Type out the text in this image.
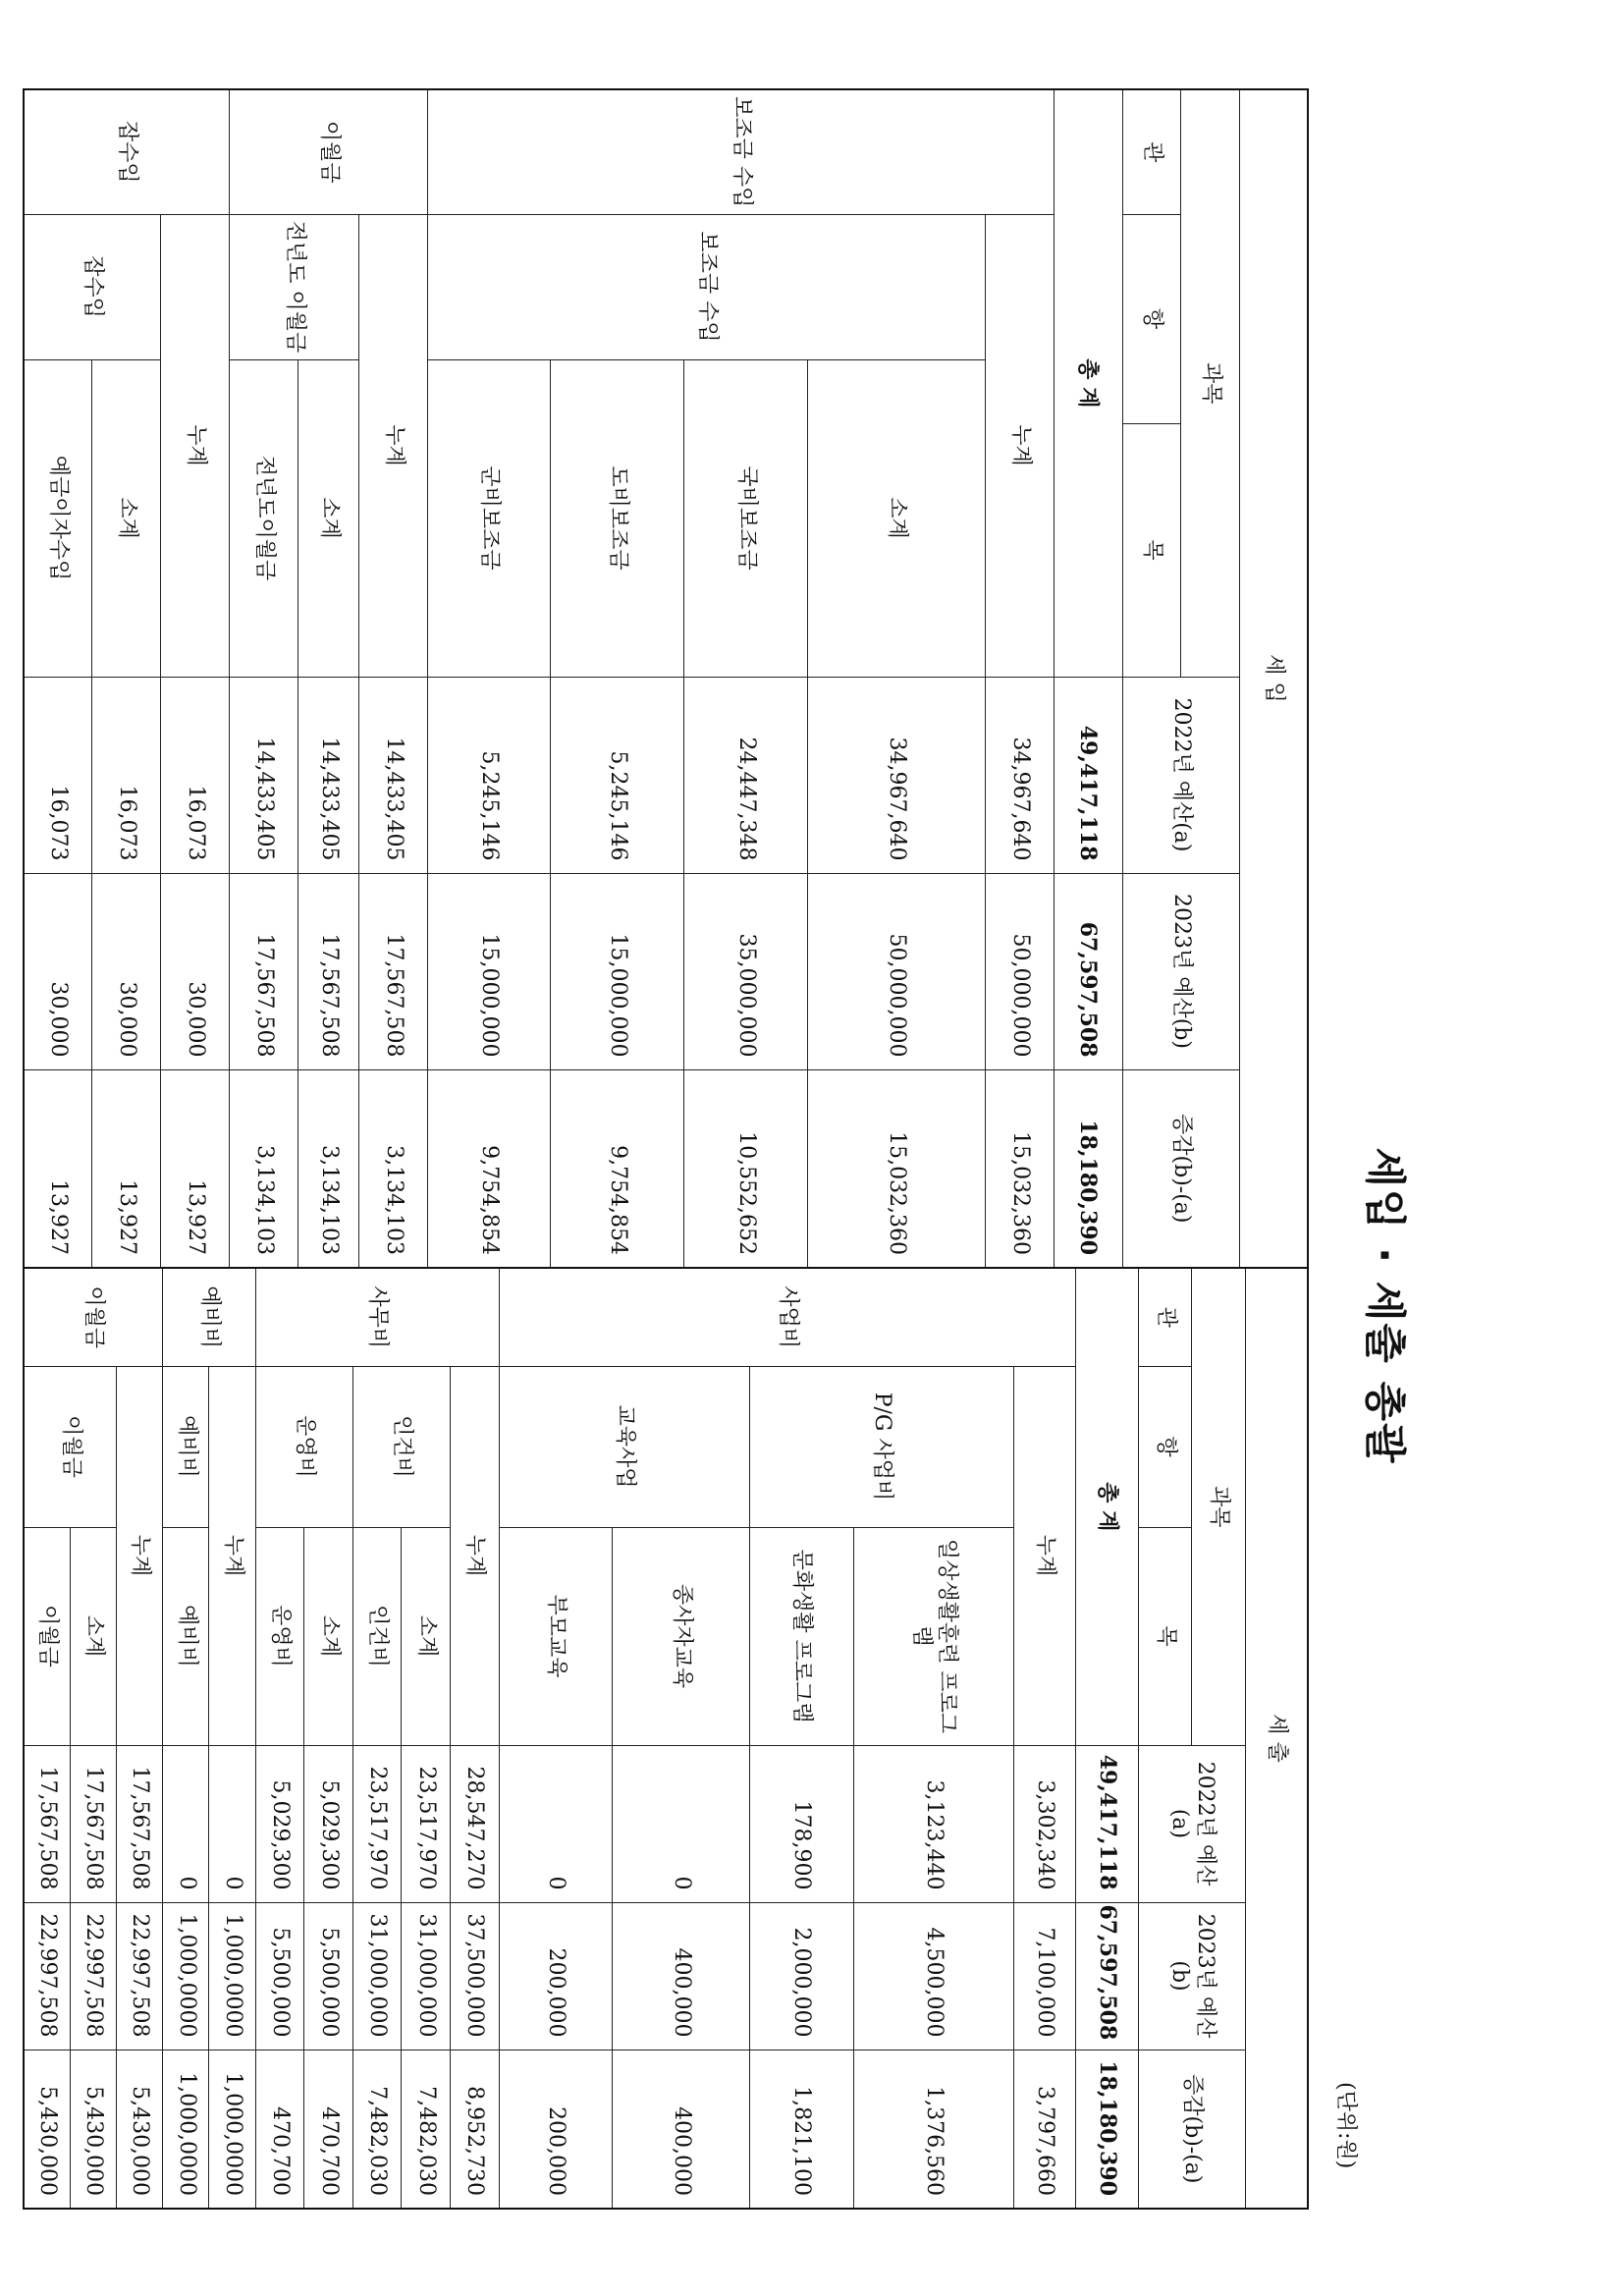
세입 · 세출 총괄
(단위:원)
세 입						
과목				2022년 예산(a)	2023년 예산(b)	증감(b)-(a)
관	항		목			
총 계				49,417,118	67,597,508	18,180,390
보조금 수입	누계			34,967,640	50,000,000	15,032,360
	보조금 수입	소계		34,967,640	50,000,000	15,032,360
		국비보조금		24,447,348	35,000,000	10,552,652
		도비보조금		5,245,146	15,000,000	9,754,854
		군비보조금		5,245,146	15,000,000	9,754,854
이월금	누계			14,433,405	17,567,508	3,134,103
	전년도 이월금	소계		14,433,405	17,567,508	3,134,103
		전년도이월금		14,433,405	17,567,508	3,134,103
잡수입	누계			16,073	30,000	13,927
	잡수입	소계		16,073	30,000	13,927
		예금이자수입		16,073	30,000	13,927
세 출					
과목			2022년 예산(a)	2023년 예산(b)	증감(b)-(a)
관	항	목			
총 계			49,417,118	67,597,508	18,180,390
사업비	누계		3,302,340	7,100,000	3,797,660
	P/G 사업비	일상생활훈련 프로그램	3,123,440	4,500,000	1,376,560
		문화생활 프로그램	178,900	2,000,000	1,821,100
	교육사업	종사자교육	0	400,000	400,000
		부모교육	0	200,000	200,000
사무비	누계		28,547,270	37,500,000	8,952,730
	인건비	소계	23,517,970	31,000,000	7,482,030
		인건비	23,517,970	31,000,000	7,482,030
	운영비	소계	5,029,300	5,500,000	470,700
		운영비	5,029,300	5,500,000	470,700
예비비	누계		0	1,000,0000	1,000,0000
	예비비	예비비	0	1,000,0000	1,000,0000
이월금	누계		17,567,508	22,997,508	5,430,000
	이월금	소계	17,567,508	22,997,508	5,430,000
		이월금	17,567,508	22,997,508	5,430,000
